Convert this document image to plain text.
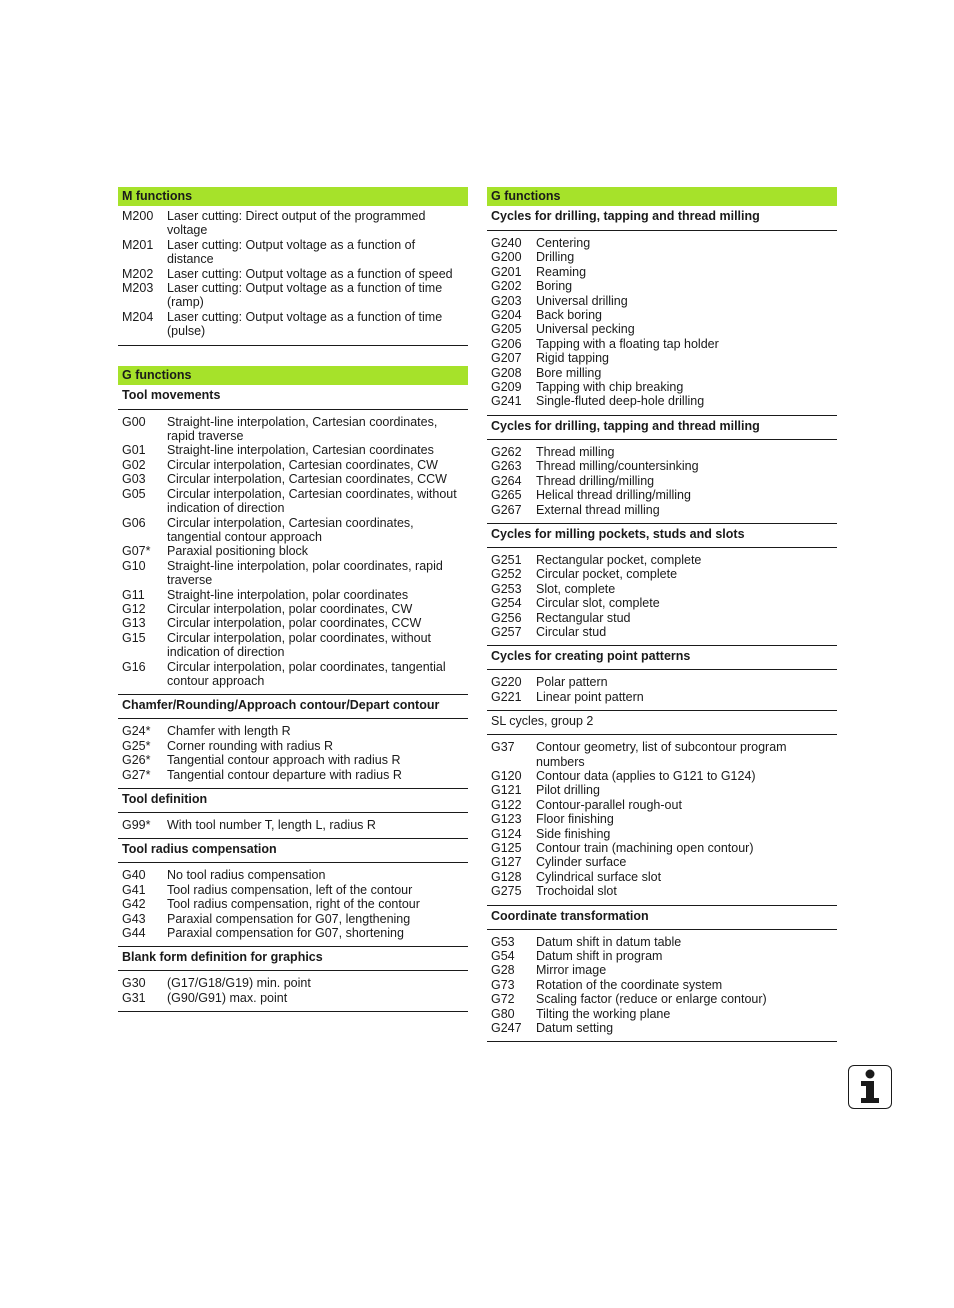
M functions
M200	Laser cutting: Direct output of the programmed voltage
M201	Laser cutting: Output voltage as a function of distance
M202	Laser cutting: Output voltage as a function of speed
M203	Laser cutting: Output voltage as a function of time (ramp)
M204	Laser cutting: Output voltage as a function of time (pulse)
G functions
Tool movements
G00	Straight-line interpolation, Cartesian coordinates, rapid traverse
G01	Straight-line interpolation, Cartesian coordinates
G02	Circular interpolation, Cartesian coordinates, CW
G03	Circular interpolation, Cartesian coordinates, CCW
G05	Circular interpolation, Cartesian coordinates, without indication of direction
G06	Circular interpolation, Cartesian coordinates, tangential contour approach
G07*	Paraxial positioning block
G10	Straight-line interpolation, polar coordinates, rapid traverse
G11	Straight-line interpolation, polar coordinates
G12	Circular interpolation, polar coordinates, CW
G13	Circular interpolation, polar coordinates, CCW
G15	Circular interpolation, polar coordinates, without indication of direction
G16	Circular interpolation, polar coordinates, tangential contour approach
Chamfer/Rounding/Approach contour/Depart contour
G24*	Chamfer with length R
G25*	Corner rounding with radius R
G26*	Tangential contour approach with radius R
G27*	Tangential contour departure with radius R
Tool definition
G99*	With tool number T, length L, radius R
Tool radius compensation
G40	No tool radius compensation
G41	Tool radius compensation, left of the contour
G42	Tool radius compensation, right of the contour
G43	Paraxial compensation for G07, lengthening
G44	Paraxial compensation for G07, shortening
Blank form definition for graphics
G30	(G17/G18/G19) min. point
G31	(G90/G91) max. point
G functions
Cycles for drilling, tapping and thread milling
G240	Centering
G200	Drilling
G201	Reaming
G202	Boring
G203	Universal drilling
G204	Back boring
G205	Universal pecking
G206	Tapping with a floating tap holder
G207	Rigid tapping
G208	Bore milling
G209	Tapping with chip breaking
G241	Single-fluted deep-hole drilling
Cycles for drilling, tapping and thread milling
G262	Thread milling
G263	Thread milling/countersinking
G264	Thread drilling/milling
G265	Helical thread drilling/milling
G267	External thread milling
Cycles for milling pockets, studs and slots
G251	Rectangular pocket, complete
G252	Circular pocket, complete
G253	Slot, complete
G254	Circular slot, complete
G256	Rectangular stud
G257	Circular stud
Cycles for creating point patterns
G220	Polar pattern
G221	Linear point pattern
SL cycles, group 2
G37	Contour geometry, list of subcontour program numbers
G120	Contour data (applies to G121 to G124)
G121	Pilot drilling
G122	Contour-parallel rough-out
G123	Floor finishing
G124	Side finishing
G125	Contour train (machining open contour)
G127	Cylinder surface
G128	Cylindrical surface slot
G275	Trochoidal slot
Coordinate transformation
G53	Datum shift in datum table
G54	Datum shift in program
G28	Mirror image
G73	Rotation of the coordinate system
G72	Scaling factor (reduce or enlarge contour)
G80	Tilting the working plane
G247	Datum setting
